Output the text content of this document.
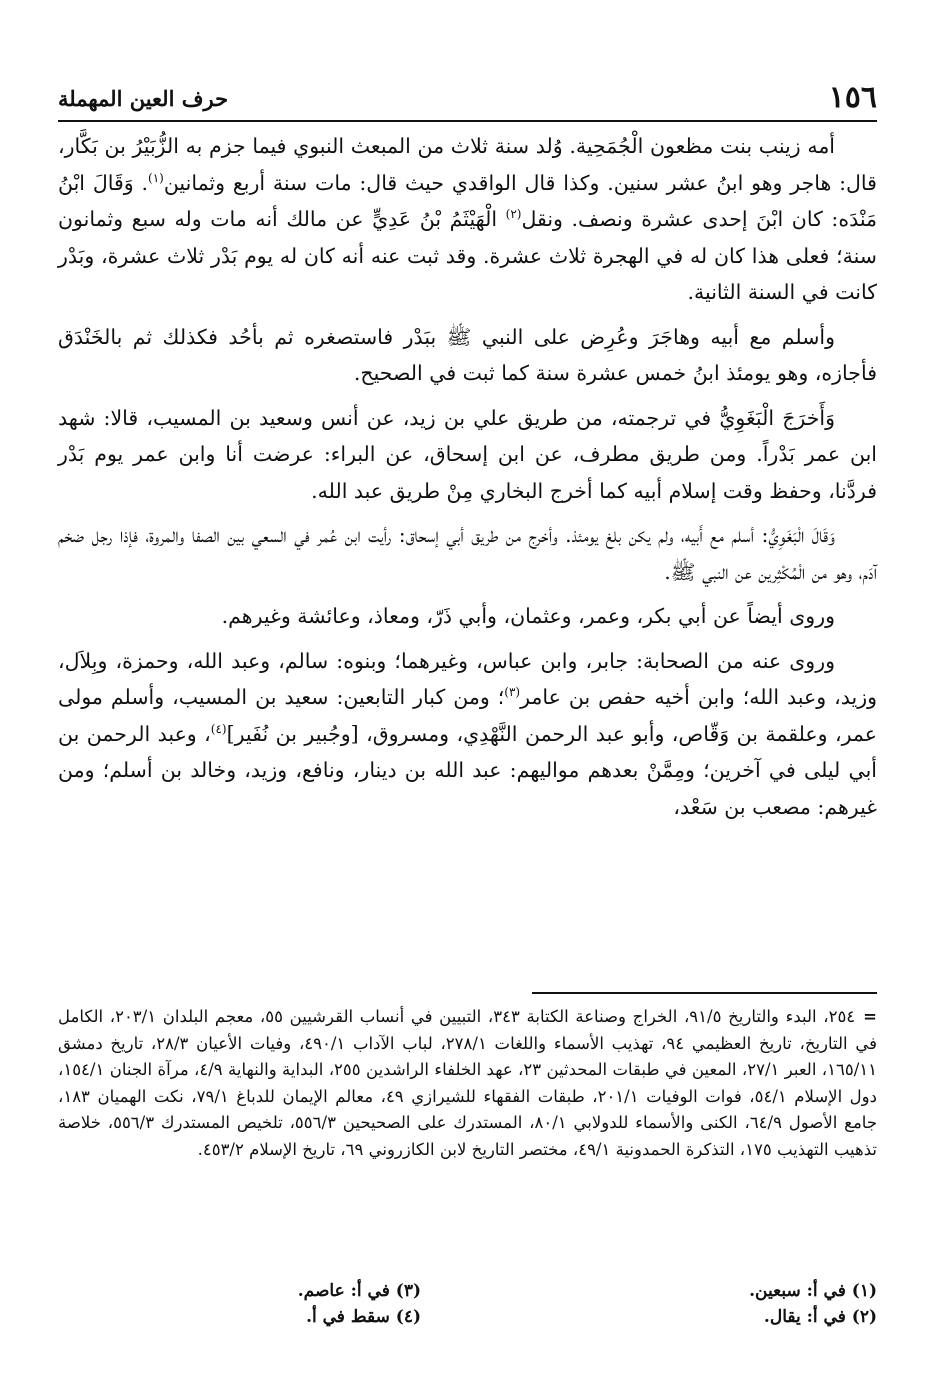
١٥٦
حرف العين المهملة

أمه زينب بنت مظعون الْجُمَحِية. وُلد سنة ثلاث من المبعث النبوي فيما جزم به الزُّبَيْرُ بن بَكَّار، قال: هاجر وهو ابنُ عشر سنين. وكذا قال الواقدي حيث قال: مات سنة أربع وثمانين$^{(١)}$. وَقَالَ ابْنُ مَنْدَه: كان ابْنَ إحدى عشرة ونصف. ونقل$^{(٢)}$ الْهَيْثَمُ بْنُ عَدِيٍّ عن مالك أنه مات وله سبع وثمانون سنة؛ فعلى هذا كان له في الهجرة ثلاث عشرة. وقد ثبت عنه أنه كان له يوم بَدْر ثلاث عشرة، وبَدْر كانت في السنة الثانية.

وأسلم مع أبيه وهاجَرَ وعُرِض على النبي ﷺ ببَدْر فاستصغره ثم بأحُد فكذلك ثم بالخَنْدَق فأجازه، وهو يومئذ ابنُ خمس عشرة سنة كما ثبت في الصحيح.

وَأَخرَجَ الْبَغَوِيُّ في ترجمته، من طريق علي بن زيد، عن أنس وسعيد بن المسيب، قالا: شهد ابن عمر بَدْراً. ومن طريق مطرف، عن ابن إسحاق، عن البراء: عرضت أنا وابن عمر يوم بَدْر فردَّنا، وحفظ وقت إسلام أبيه كما أخرج البخاري مِنْ طريق عبد الله.

وَقَالَ الْبَغَوِيُّ: أسلم مع أَبيه، ولم يكن بلغ يومئذ. وأخرج من طريق أبي إسحاق: رأيت ابن عُمر في السعي بين الصفا والمروة، فإذا رجل ضخم آدَم، وهو من الْمُكْثِرين عن النبي ﷺ.

وروى أيضاً عن أبي بكر، وعمر، وعثمان، وأبي ذَرّ، ومعاذ، وعائشة وغيرهم.

وروى عنه من الصحابة: جابر، وابن عباس، وغيرهما؛ وبنوه: سالم، وعبد الله، وحمزة، وبِلاَل، وزيد، وعبد الله؛ وابن أخيه حفص بن عامر$^{(٣)}$؛ ومن كبار التابعين: سعيد بن المسيب، وأسلم مولى عمر، وعلقمة بن وَقّاص، وأبو عبد الرحمن النَّهْدِي، ومسروق، [وجُبير بن نُفَير]$^{(٤)}$، وعبد الرحمن بن أبي ليلى في آخرين؛ ومِمَّنْ بعدهم مواليهم: عبد الله بن دينار، ونافع، وزيد، وخالد بن أسلم؛ ومن غيرهم: مصعب بن سَعْد،

=٢٥٤، البدء والتاريخ ٩١/٥، الخراج وصناعة الكتابة ٣٤٣، التبيين في أنساب القرشيين ٥٥، معجم البلدان ٢٠٣/١، الكامل في التاريخ، تاريخ العظيمي ٩٤، تهذيب الأسماء واللغات ٢٧٨/١، لباب الآداب ٤٩٠/١، وفيات الأعيان ٢٨/٣، تاريخ دمشق ١٦٥/١١، العبر ٢٧/١، المعين في طبقات المحدثين ٢٣، عهد الخلفاء الراشدين ٢٥٥، البداية والنهاية ٤/٩، مرآة الجنان ١٥٤/١، دول الإسلام ٥٤/١، فوات الوفيات ٢٠١/١، طبقات الفقهاء للشيرازي ٤٩، معالم الإيمان للدباغ ٧٩/١، نكت الهميان ١٨٣، جامع الأصول ٦٤/٩، الكنى والأسماء للدولابي ٨٠/١، المستدرك على الصحيحين ٥٥٦/٣، تلخيص المستدرك ٥٥٦/٣، خلاصة تذهيب التهذيب ١٧٥، التذكرة الحمدونية ٤٩/١، مختصر التاريخ لابن الكازروني ٦٩، تاريخ الإسلام ٤٥٣/٢.
(١) في أ: سبعين.
(٢) في أ: يقال.
(٣) في أ: عاصم.
(٤) سقط في أ.
